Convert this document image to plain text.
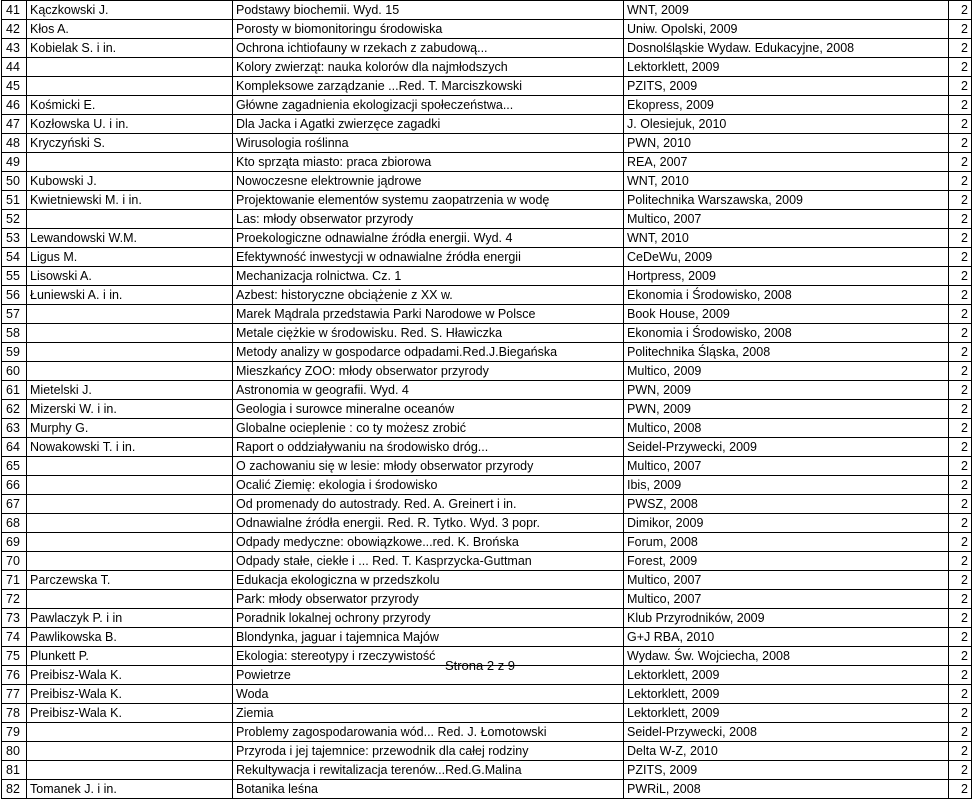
41	Kączkowski J.	Podstawy biochemii. Wyd. 15	WNT, 2009	2
42	Kłos A.	Porosty w biomonitoringu środowiska	Uniw. Opolski, 2009	2
43	Kobielak S. i in.	Ochrona ichtiofauny w rzekach z zabudową...	Dosnolśląskie Wydaw. Edukacyjne, 2008	2
44		Kolory zwierząt: nauka kolorów dla najmłodszych	Lektorklett, 2009	2
45		Kompleksowe zarządzanie ...Red. T. Marciszkowski	PZITS, 2009	2
46	Kośmicki E.	Główne zagadnienia ekologizacji społeczeństwa...	Ekopress, 2009	2
47	Kozłowska U. i in.	Dla Jacka i Agatki zwierzęce zagadki	J. Olesiejuk, 2010	2
48	Kryczyński S.	Wirusologia roślinna	PWN, 2010	2
49		Kto sprząta miasto: praca zbiorowa	REA, 2007	2
50	Kubowski J.	Nowoczesne elektrownie jądrowe	WNT, 2010	2
51	Kwietniewski M. i in.	Projektowanie elementów systemu zaopatrzenia w wodę	Politechnika Warszawska, 2009	2
52		Las: młody obserwator przyrody	Multico, 2007	2
53	Lewandowski W.M.	Proekologiczne odnawialne źródła energii. Wyd. 4	WNT, 2010	2
54	Ligus M.	Efektywność inwestycji w odnawialne źródła energii	CeDeWu, 2009	2
55	Lisowski A.	Mechanizacja rolnictwa. Cz. 1	Hortpress, 2009	2
56	Łuniewski A. i in.	Azbest: historyczne obciążenie z XX w.	Ekonomia i Środowisko, 2008	2
57		Marek Mądrala przedstawia Parki Narodowe w Polsce	Book House, 2009	2
58		Metale ciężkie w środowisku. Red. S. Hławiczka	Ekonomia i Środowisko, 2008	2
59		Metody analizy w gospodarce odpadami.Red.J.Biegańska	Politechnika Śląska, 2008	2
60		Mieszkańcy ZOO: młody obserwator przyrody	Multico, 2009	2
61	Mietelski J.	Astronomia w geografii. Wyd. 4	PWN, 2009	2
62	Mizerski W. i in.	Geologia i surowce mineralne oceanów	PWN, 2009	2
63	Murphy G.	Globalne ocieplenie : co ty możesz zrobić	Multico, 2008	2
64	Nowakowski T. i in.	Raport o oddziaływaniu na środowisko dróg...	Seidel-Przywecki, 2009	2
65		O zachowaniu się w lesie: młody obserwator przyrody	Multico, 2007	2
66		Ocalić Ziemię: ekologia i środowisko	Ibis, 2009	2
67		Od promenady do autostrady. Red. A. Greinert i in.	PWSZ, 2008	2
68		Odnawialne źródła energii. Red. R. Tytko. Wyd. 3 popr.	Dimikor, 2009	2
69		Odpady medyczne: obowiązkowe...red. K. Brońska	Forum, 2008	2
70		Odpady stałe, ciekłe i ... Red. T. Kasprzycka-Guttman	Forest, 2009	2
71	Parczewska T.	Edukacja ekologiczna w przedszkolu	Multico, 2007	2
72		Park: młody obserwator przyrody	Multico, 2007	2
73	Pawlaczyk P. i in	Poradnik lokalnej ochrony przyrody	Klub Przyrodników, 2009	2
74	Pawlikowska B.	Blondynka, jaguar i tajemnica Majów	G+J RBA, 2010	2
75	Plunkett P.	Ekologia: stereotypy i rzeczywistość	Wydaw. Św. Wojciecha, 2008	2
76	Preibisz-Wala K.	Powietrze	Lektorklett, 2009	2
77	Preibisz-Wala K.	Woda	Lektorklett, 2009	2
78	Preibisz-Wala K.	Ziemia	Lektorklett, 2009	2
79		Problemy zagospodarowania wód... Red. J. Łomotowski	Seidel-Przywecki, 2008	2
80		Przyroda i jej tajemnice: przewodnik dla całej rodziny	Delta W-Z, 2010	2
81		Rekultywacja i rewitalizacja terenów...Red.G.Malina	PZITS, 2009	2
82	Tomanek J. i in.	Botanika leśna	PWRiL, 2008	2
Strona 2 z 9
